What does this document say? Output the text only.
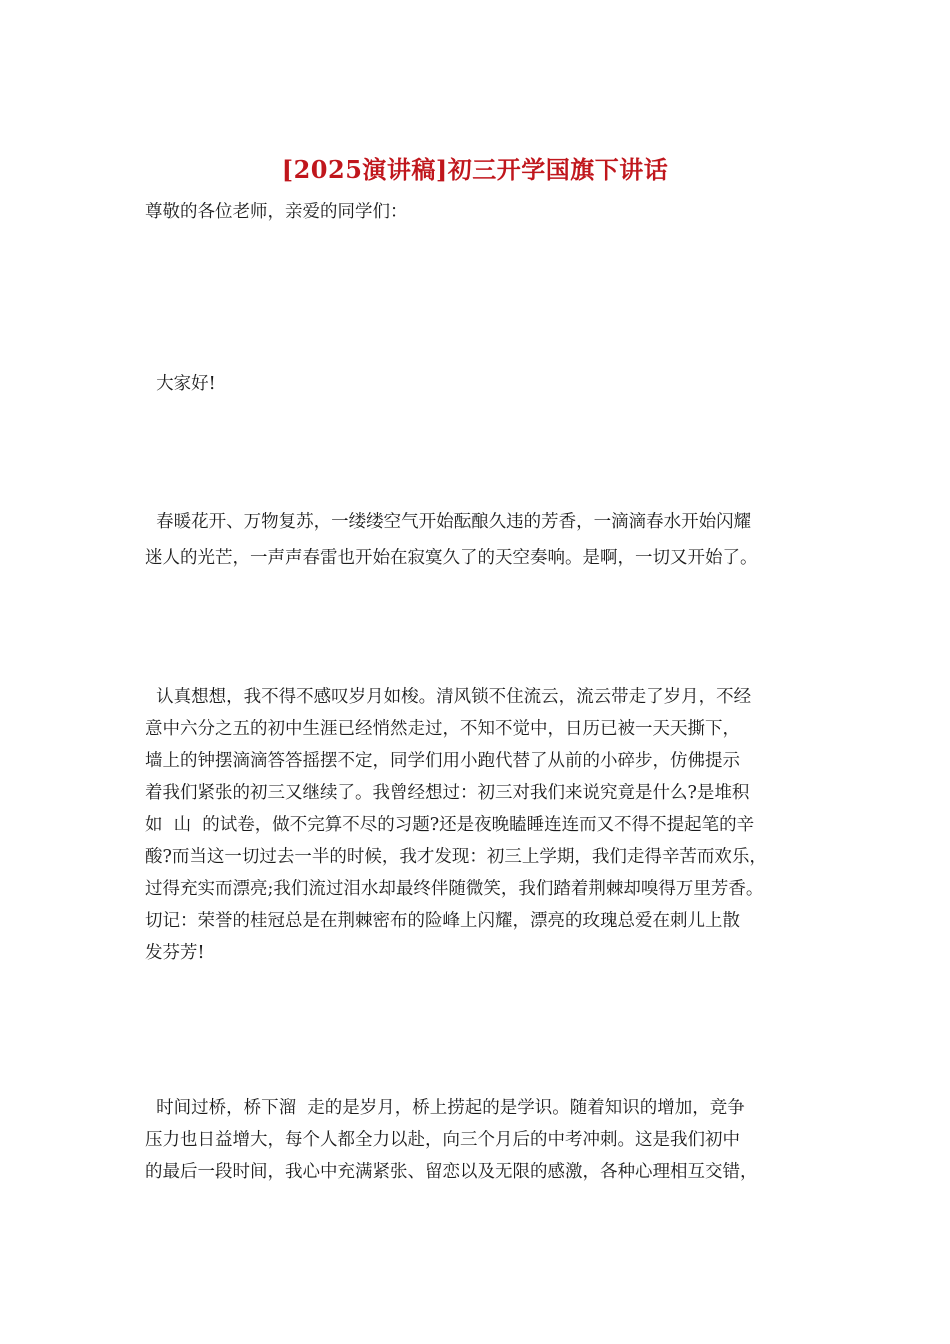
[2025演讲稿]初三开学国旗下讲话

尊敬的各位老师，亲爱的同学们：

大家好!

春暖花开、万物复苏，一缕缕空气开始酝酿久违的芳香，一滴滴春水开始闪耀

迷人的光芒，一声声春雷也开始在寂寞久了的天空奏响。是啊，一切又开始了。

认真想想，我不得不感叹岁月如梭。清风锁不住流云，流云带走了岁月，不经

意中六分之五的初中生涯已经悄然走过，不知不觉中，日历已被一天天撕下，

墙上的钟摆滴滴答答摇摆不定，同学们用小跑代替了从前的小碎步，仿佛提示

着我们紧张的初三又继续了。我曾经想过：初三对我们来说究竟是什么?是堆积

如  山  的试卷，做不完算不尽的习题?还是夜晚瞌睡连连而又不得不提起笔的辛

酸?而当这一切过去一半的时候，我才发现：初三上学期，我们走得辛苦而欢乐，

过得充实而漂亮;我们流过泪水却最终伴随微笑，我们踏着荆棘却嗅得万里芳香。

切记：荣誉的桂冠总是在荆棘密布的险峰上闪耀，漂亮的玫瑰总爱在刺儿上散

发芬芳!

时间过桥，桥下溜  走的是岁月，桥上捞起的是学识。随着知识的增加，竞争

压力也日益增大，每个人都全力以赴，向三个月后的中考冲刺。这是我们初中

的最后一段时间，我心中充满紧张、留恋以及无限的感激，各种心理相互交错，
